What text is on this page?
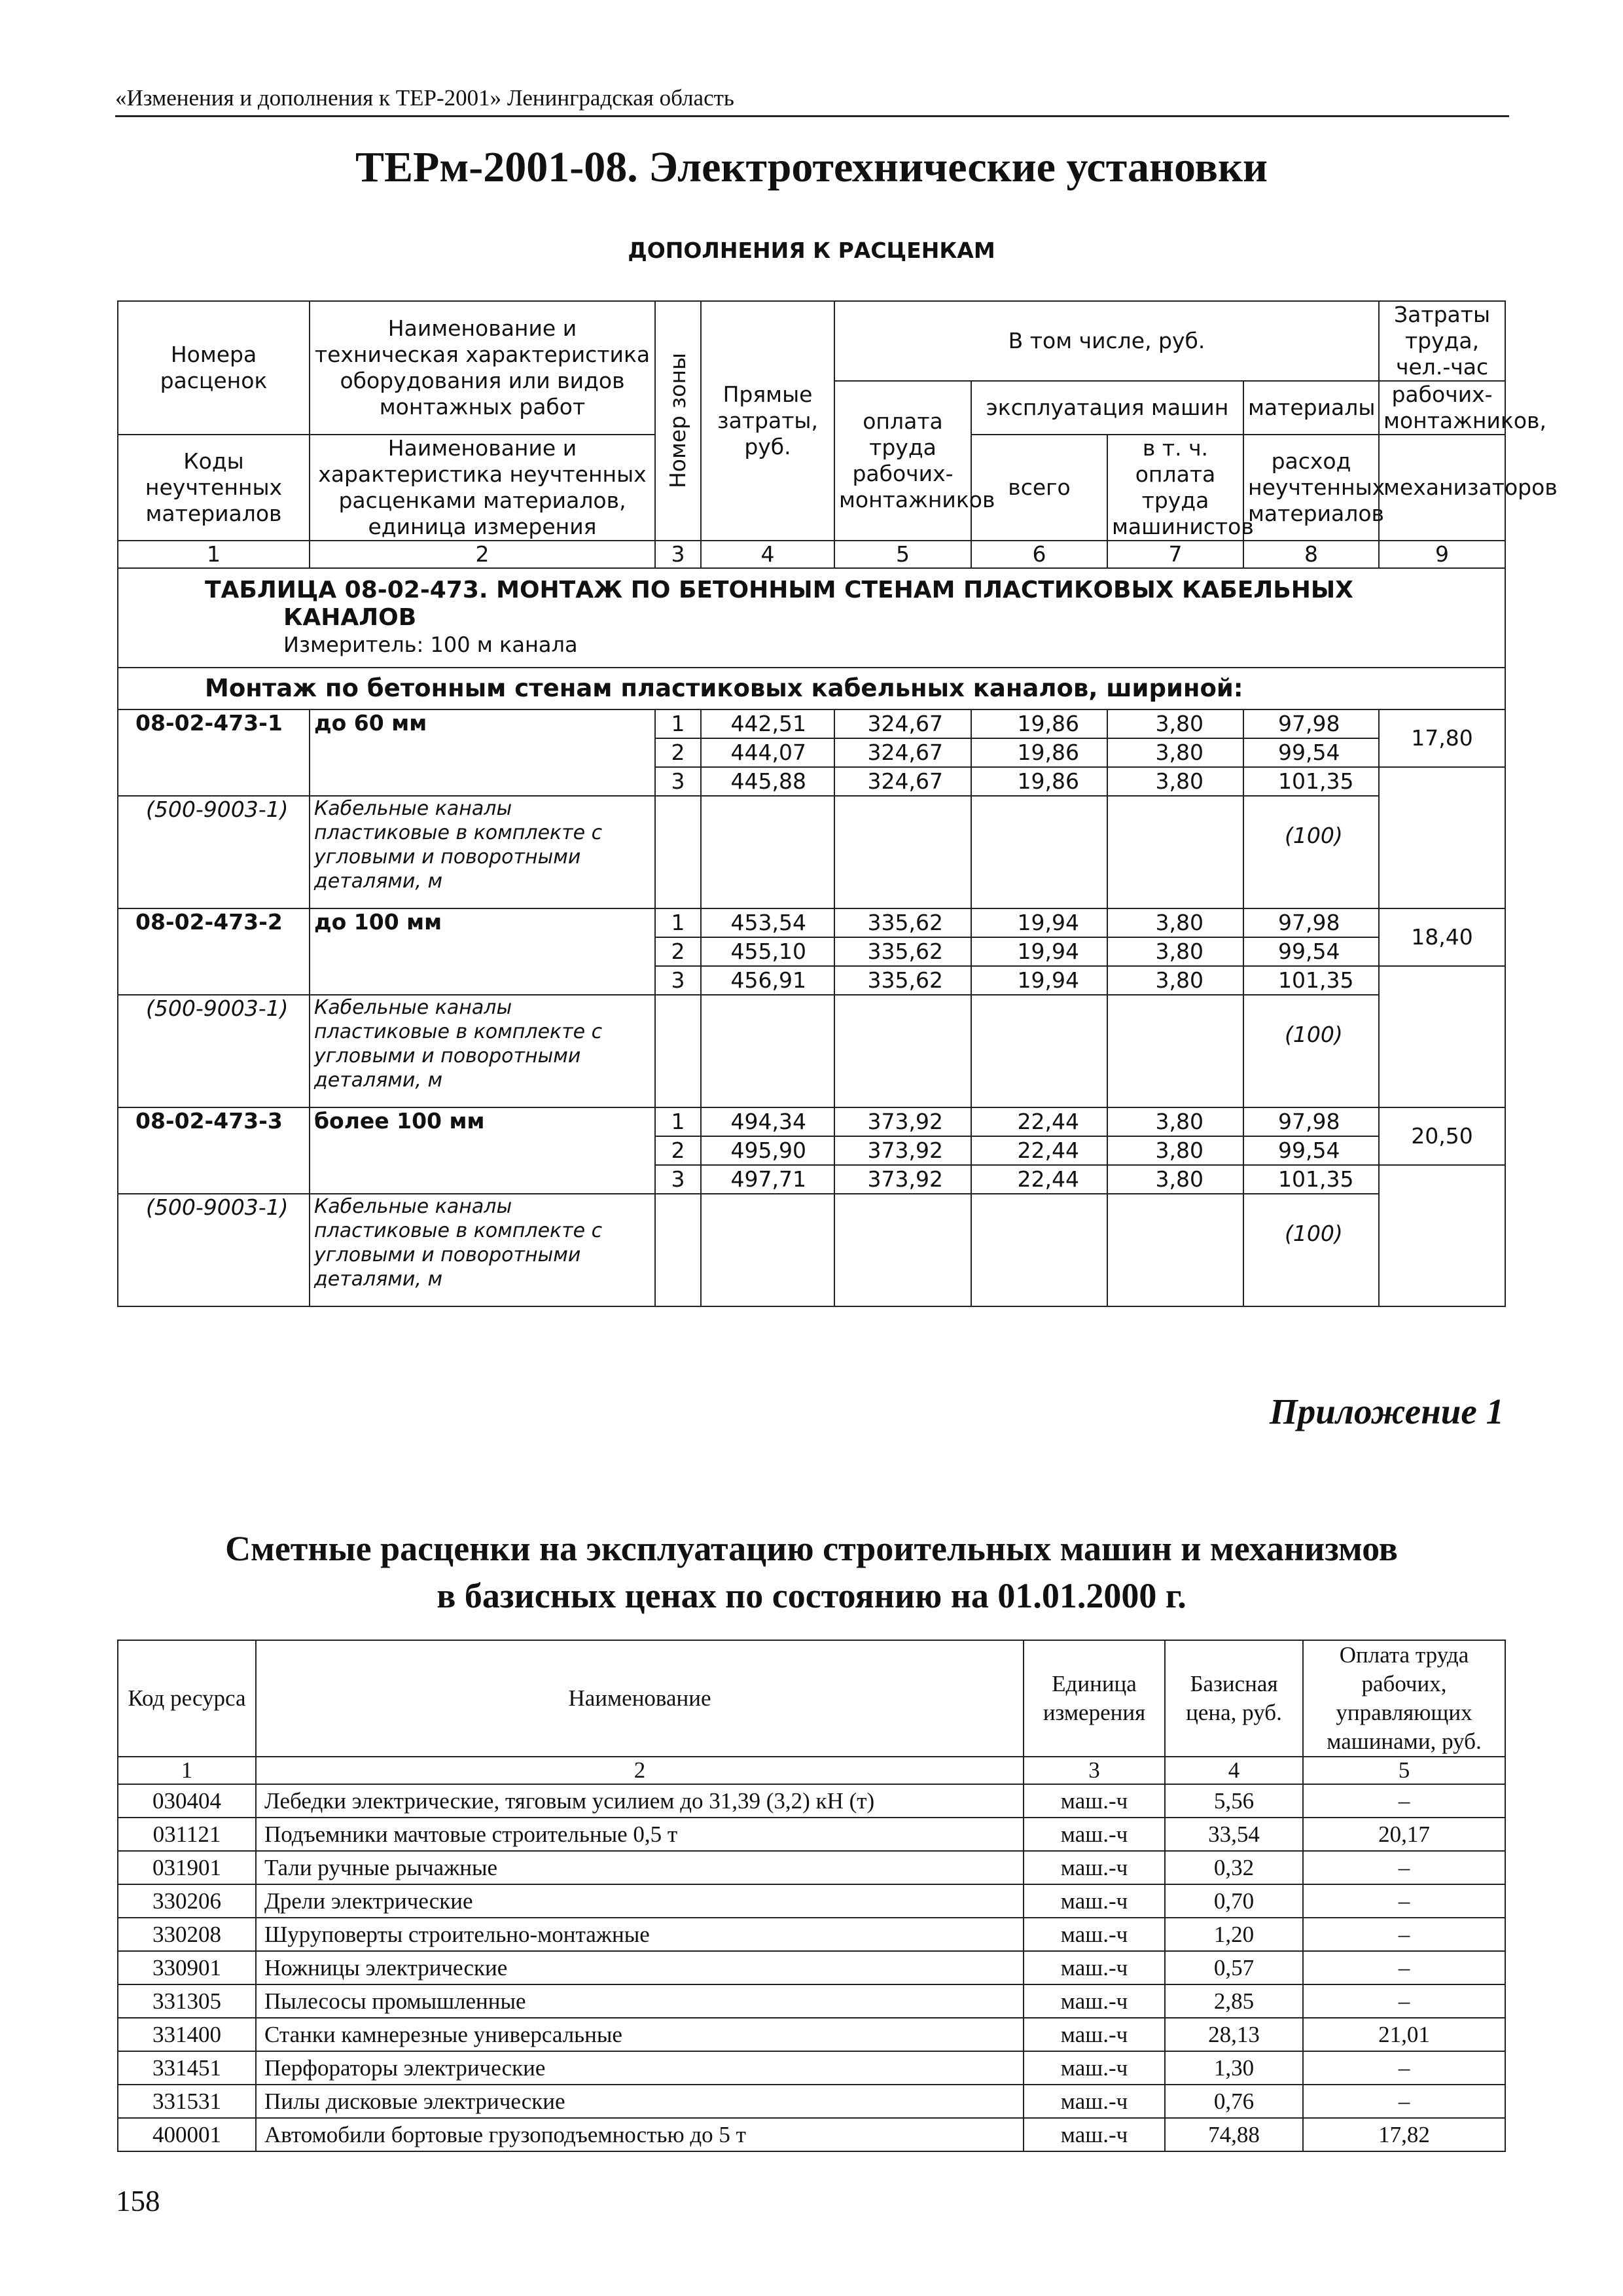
«Изменения и дополнения к ТЕР-2001» Ленинградская область
ТЕРм-2001-08. Электротехнические установки
ДОПОЛНЕНИЯ К РАСЦЕНКАМ
Номера расценок	Наименование и техническая характеристика оборудования или видов монтажных работ	Номер зоны	Прямые затраты, руб.	В том числе, руб.				Затраты труда, чел.-час
				оплата труда рабочих-монтажников	эксплуатация машин		материалы	рабочих-монтажников,
Коды неучтенных материалов	Наименование и характеристика неучтенных расценками материалов, единица измерения				всего	в т. ч. оплата труда машинистов	расход неучтенных материалов	механизаторов
1	2	3	4	5	6	7	8	9

ТАБЛИЦА 08-02-473. МОНТАЖ ПО БЕТОННЫМ СТЕНАМ ПЛАСТИКОВЫХ КАБЕЛЬНЫХ
КАНАЛОВ
Измеритель: 100 м канала								

Монтаж по бетонным стенам пластиковых кабельных каналов, шириной:								
08-02-473-1	до 60 мм	1	442,51	324,67	19,86	3,80	97,98	17,80
		2	444,07	324,67	19,86	3,80	99,54	
		3	445,88	324,67	19,86	3,80	101,35	
(500-9003-1)	Кабельные каналы пластиковые в комплекте с угловыми и поворотными деталями, м						(100)	
08-02-473-2	до 100 мм	1	453,54	335,62	19,94	3,80	97,98	18,40
		2	455,10	335,62	19,94	3,80	99,54	
		3	456,91	335,62	19,94	3,80	101,35	
(500-9003-1)	Кабельные каналы пластиковые в комплекте с угловыми и поворотными деталями, м						(100)	
08-02-473-3	более 100 мм	1	494,34	373,92	22,44	3,80	97,98	20,50
		2	495,90	373,92	22,44	3,80	99,54	
		3	497,71	373,92	22,44	3,80	101,35	
(500-9003-1)	Кабельные каналы пластиковые в комплекте с угловыми и поворотными деталями, м						(100)	
Приложение 1
Сметные расценки на эксплуатацию строительных машин и механизмов
в базисных ценах по состоянию на 01.01.2000 г.
Код ресурса	Наименование	Единица измерения	Базисная цена, руб.	Оплата труда рабочих, управляющих машинами, руб.
1	2	3	4	5
030404	Лебедки электрические, тяговым усилием до 31,39 (3,2) кН (т)	маш.-ч	5,56	–
031121	Подъемники мачтовые строительные 0,5 т	маш.-ч	33,54	20,17
031901	Тали ручные рычажные	маш.-ч	0,32	–
330206	Дрели электрические	маш.-ч	0,70	–
330208	Шуруповерты строительно-монтажные	маш.-ч	1,20	–
330901	Ножницы электрические	маш.-ч	0,57	–
331305	Пылесосы промышленные	маш.-ч	2,85	–
331400	Станки камнерезные универсальные	маш.-ч	28,13	21,01
331451	Перфораторы электрические	маш.-ч	1,30	–
331531	Пилы дисковые электрические	маш.-ч	0,76	–
400001	Автомобили бортовые грузоподъемностью до 5 т	маш.-ч	74,88	17,82
158
